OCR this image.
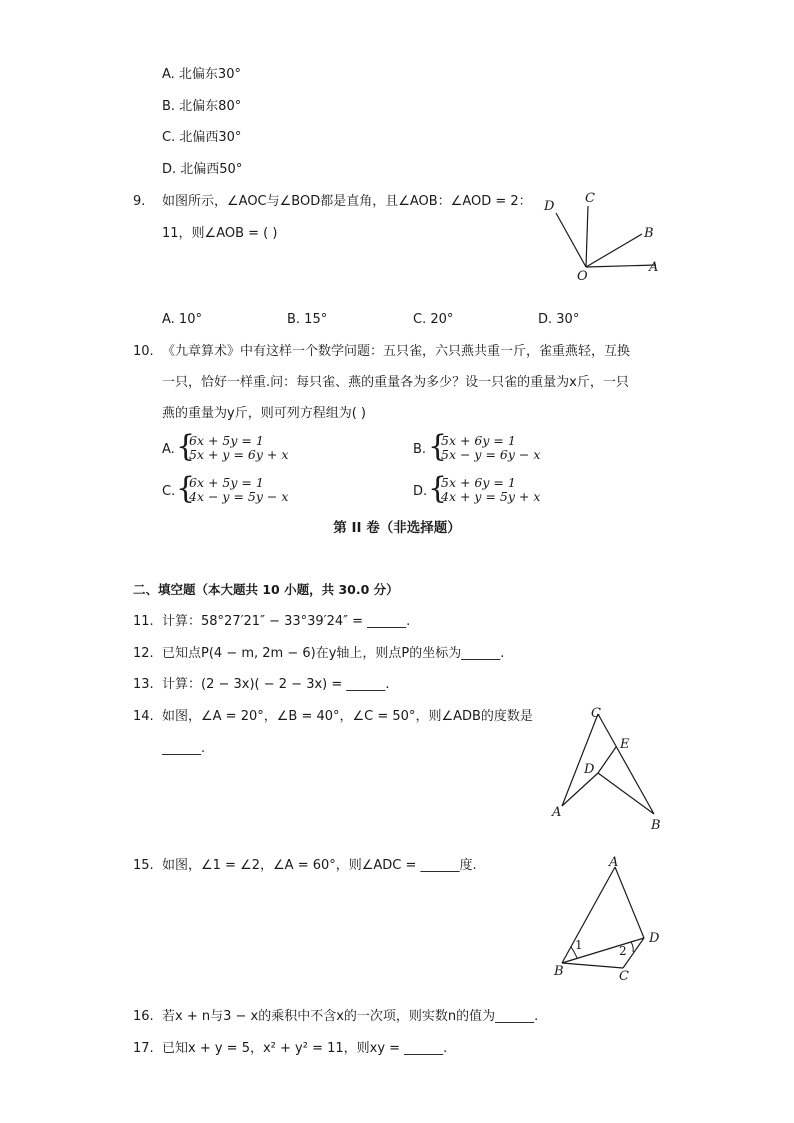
A. 北偏东30°
B. 北偏东80°
C. 北偏西30°
D. 北偏西50°
9. 如图所示，∠AOC与∠BOD都是直角，且∠AOB：∠AOD = 2：
11，则∠AOB = ( )
O
A
B
C
D
A. 10°	B. 15°	C. 20°	D. 30°
10. 《九章算术》中有这样一个数学问题：五只雀，六只燕共重一斤，雀重燕轻，互换
一只，恰好一样重.问：每只雀、燕的重量各为多少？设一只雀的重量为x斤，一只
燕的重量为y斤，则可列方程组为( )
A. {
6x + 5y = 1
5x + y = 6y + x	B. {
5x + 6y = 1
5x − y = 6y − x
C. {
6x + 5y = 1
4x − y = 5y − x	D. {
5x + 6y = 1
4x + y = 5y + x
第 II 卷（非选择题）
二、填空题（本大题共 10 小题，共 30.0 分）
11. 计算：58°27′21″ − 33°39′24″ = ______.
12. 已知点P(4 − m, 2m − 6)在y轴上，则点P的坐标为______.
13. 计算：(2 − 3x)( − 2 − 3x) = ______.
14. 如图，∠A = 20°，∠B = 40°，∠C = 50°，则∠ADB的度数是
______.
A
B
C
D
E
15. 如图，∠1 = ∠2，∠A = 60°，则∠ADC = ______度.	A
B	C
D
1	2
16. 若x + n与3 − x的乘积中不含x的一次项，则实数n的值为______.
17. 已知x + y = 5，x² + y² = 11，则xy = ______.
